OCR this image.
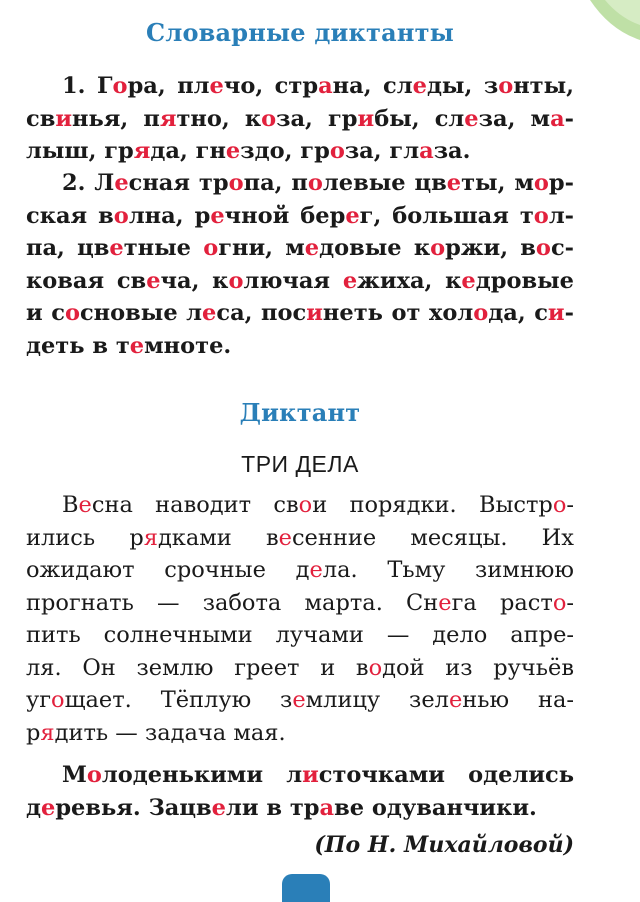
Словарные диктанты
1. Гора, плечо, страна, следы, зонты,
свинья, пятно, коза, грибы, слеза, ма-
лыш, гряда, гнездо, гроза, глаза.
2. Лесная тропа, полевые цветы, мор-
ская волна, речной берег, большая тол-
па, цветные огни, медовые коржи, вос-
ковая свеча, колючая ежиха, кедровые
и сосновые леса, посинеть от холода, си-
деть в темноте.
Диктант
ТРИ ДЕЛА
Весна наводит свои порядки. Выстро-
ились рядками весенние месяцы. Их
ожидают срочные дела. Тьму зимнюю
прогнать — забота марта. Снега расто-
пить солнечными лучами — дело апре-
ля. Он землю греет и водой из ручьёв
угощает. Тёплую землицу зеленью на-
рядить — задача мая.
Молоденькими листочками оделись
деревья. Зацвели в траве одуванчики.
(По Н. Михайловой)
